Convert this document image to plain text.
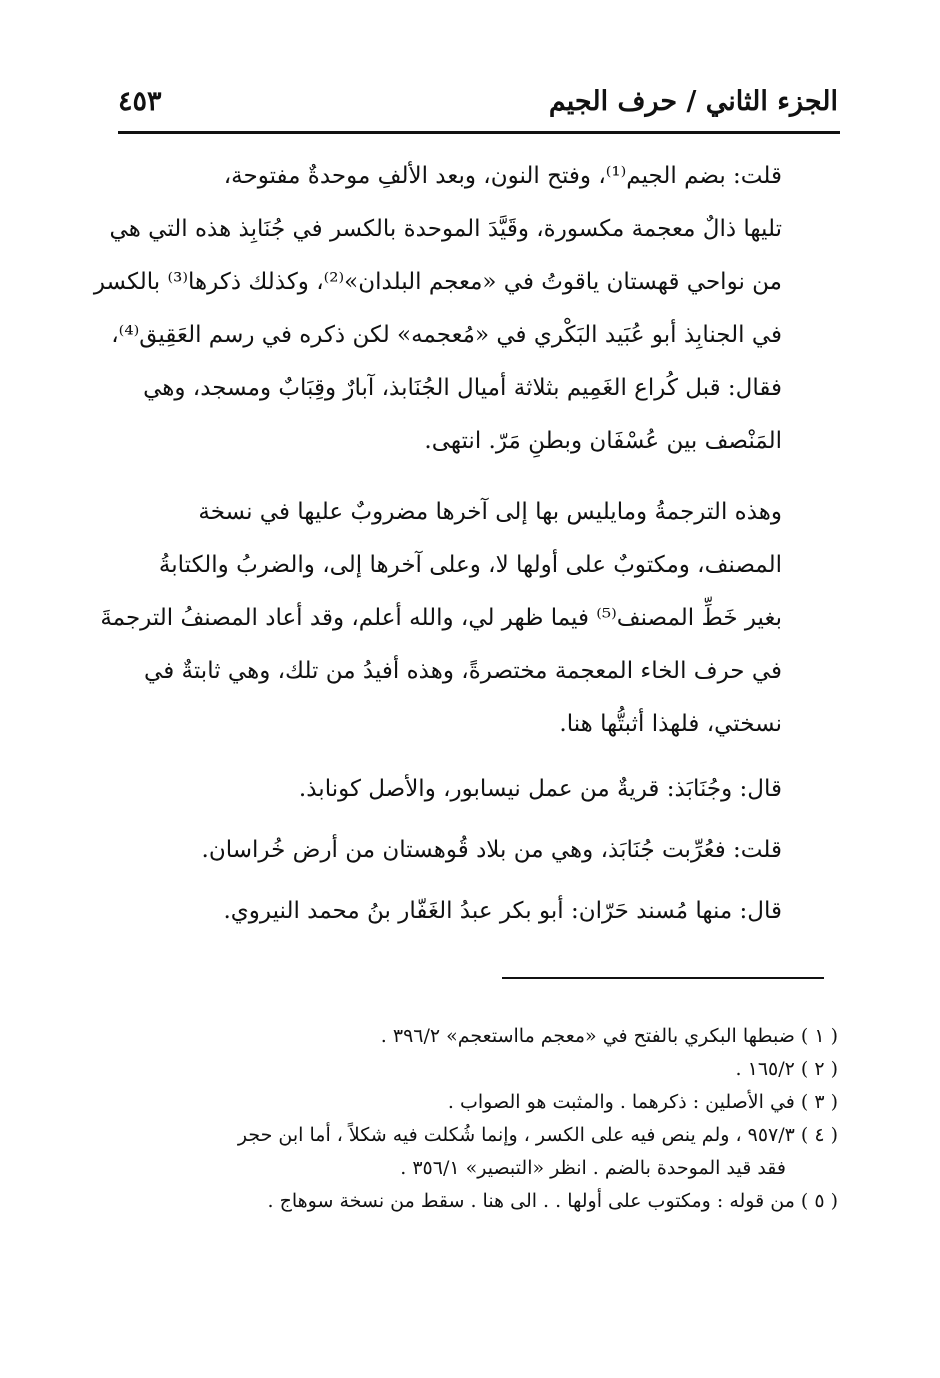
الجزء الثاني / حرف الجيم
٤٥٣
قلت: بضم الجيم⁽¹⁾، وفتح النون، وبعد الألفِ موحدةٌ مفتوحة،
تليها ذالٌ معجمة مكسورة، وقَيَّدَ الموحدة بالكسر في جُنَابِذ هذه التي هي
من نواحي قهستان ياقوتُ في «معجم البلدان»⁽²⁾، وكذلك ذكرها⁽³⁾ بالكسر
في الجنابِذ أبو عُبَيد البَكْري في «مُعجمه» لكن ذكره في رسم العَقِيق⁽⁴⁾،
فقال: قبل كُراع الغَمِيم بثلاثة أميال الجُنَابذ، آبارٌ وقِبَابٌ ومسجد، وهي
المَنْصف بين عُسْفَان وبطنِ مَرّ. انتهى.
وهذه الترجمةُ ومايليس بها إلى آخرها مضروبٌ عليها في نسخة
المصنف، ومكتوبٌ على أولها لا، وعلى آخرها إلى، والضربُ والكتابةُ
بغير خَطِّ المصنف⁽⁵⁾ فيما ظهر لي، والله أعلم، وقد أعاد المصنفُ الترجمةَ
في حرف الخاء المعجمة مختصرةً، وهذه أفيدُ من تلك، وهي ثابتةٌ في
نسختي، فلهذا أثبتُّها هنا.

قال: وجُنَابَذ: قريةٌ من عمل نيسابور، والأصل كونابذ.

قلت: فعُرِّبت جُنَابَذ، وهي من بلاد قُوهستان من أرض خُراسان.

قال: منها مُسند حَرّان: أبو بكر عبدُ الغَفّار بنُ محمد النيروي.

( ١ )ضبطها البكري بالفتح في «معجم مااستعجم» ٣٩٦/٢ .

( ٢ )١٦٥/٢ .

( ٣ )في الأصلين : ذكرهما . والمثبت هو الصواب .

( ٤ )٩٥٧/٣ ، ولم ينص فيه على الكسر ، وإنما شُكلت فيه شكلاً ، أما ابن حجر

فقد قيد الموحدة بالضم . انظر «التبصير» ٣٥٦/١ .

( ٥ )من قوله : ومكتوب على أولها . . الى هنا . سقط من نسخة سوهاج .
